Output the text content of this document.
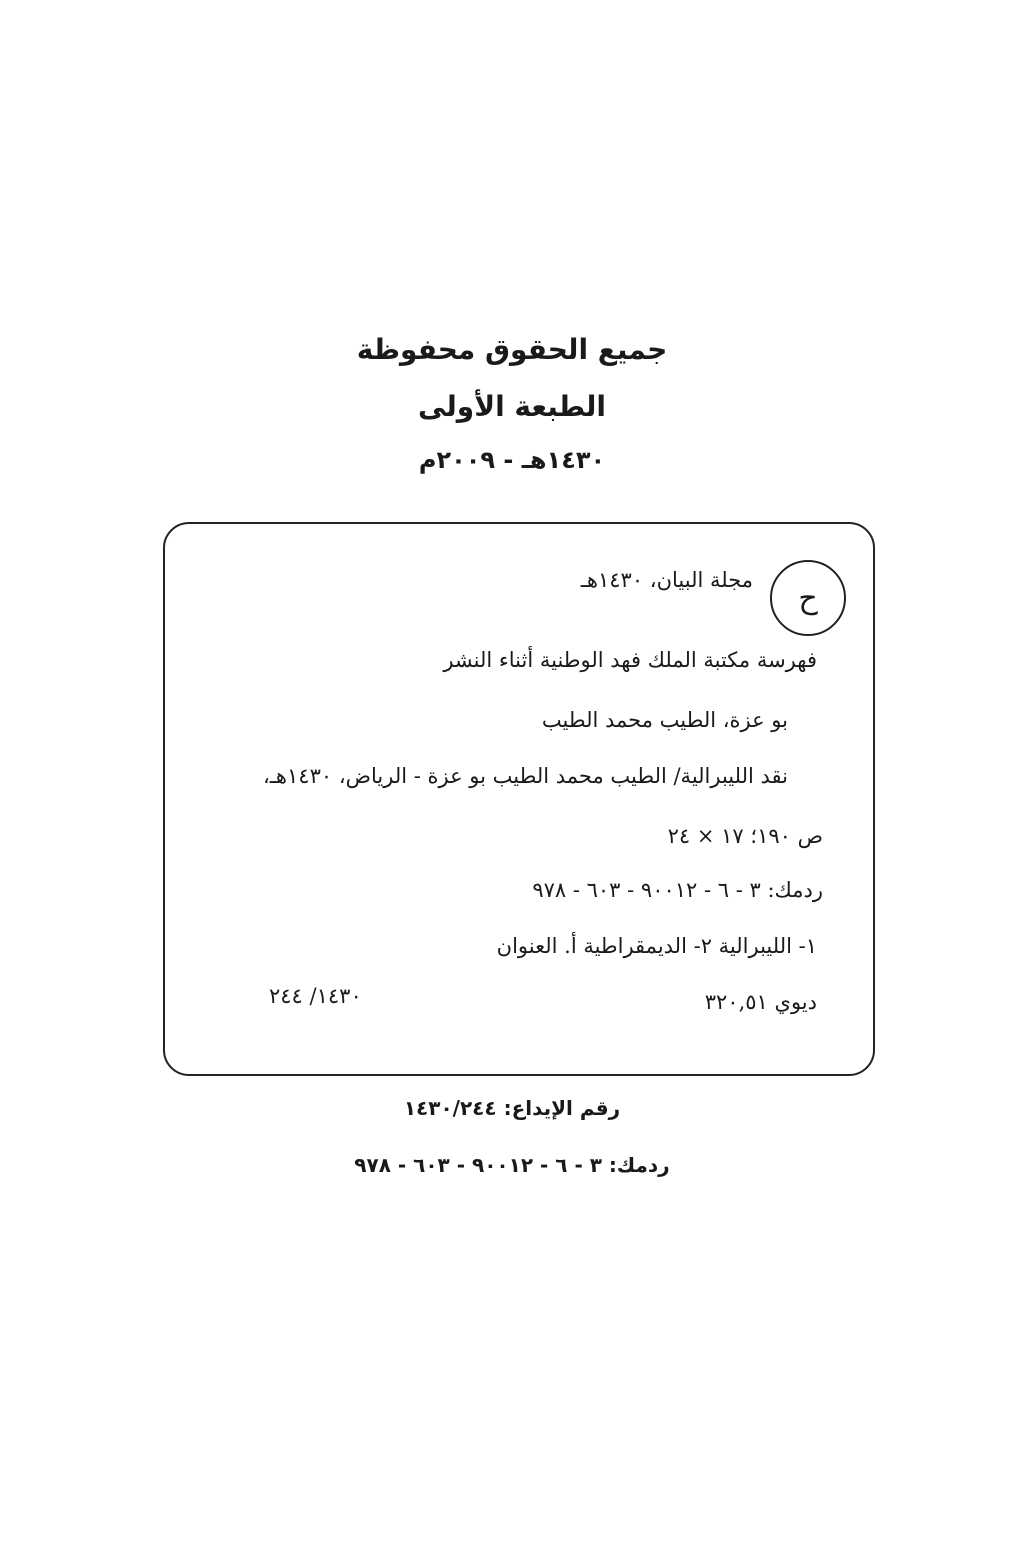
جميع الحقوق محفوظة
الطبعة الأولى
١٤٣٠هـ - ٢٠٠٩م
ح
مجلة البيان، ١٤٣٠هـ
فهرسة مكتبة الملك فهد الوطنية أثناء النشر
بو عزة، الطيب محمد الطيب
نقد الليبرالية/ الطيب محمد الطيب بو عزة - الرياض، ١٤٣٠هـ،
ص ١٩٠؛ ١٧ × ٢٤
ردمك: ٣ - ٦ - ٩٠٠١٢ - ٦٠٣ - ٩٧٨
١- الليبرالية ٢- الديمقراطية أ. العنوان
ديوي ٣٢٠,٥١
١٤٣٠/ ٢٤٤
رقم الإيداع: ١٤٣٠/٢٤٤
ردمك: ٣ - ٦ - ٩٠٠١٢ - ٦٠٣ - ٩٧٨
